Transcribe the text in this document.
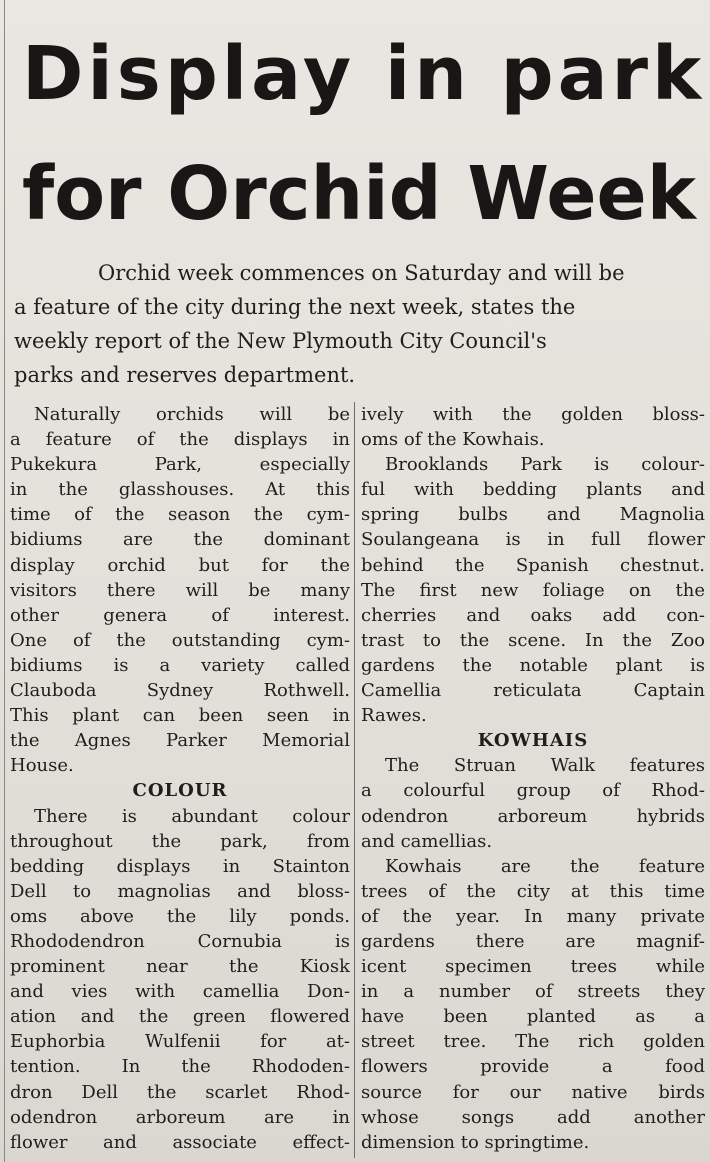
Display in park
for Orchid Week
Orchid week commences on Saturday and will be
a feature of the city during the next week, states the
weekly report of the New Plymouth City Council's
parks and reserves department.
Naturally orchids will be
a feature of the displays in
Pukekura Park, especially
in the glasshouses. At this
time of the season the cym-
bidiums are the dominant
display orchid but for the
visitors there will be many
other genera of interest.
One of the outstanding cym-
bidiums is a variety called
Clauboda Sydney Rothwell.
This plant can been seen in
the Agnes Parker Memorial
House.
COLOUR
There is abundant colour
throughout the park, from
bedding displays in Stainton
Dell to magnolias and bloss-
oms above the lily ponds.
Rhododendron Cornubia is
prominent near the Kiosk
and vies with camellia Don-
ation and the green flowered
Euphorbia Wulfenii for at-
tention. In the Rhododen-
dron Dell the scarlet Rhod-
odendron arboreum are in
flower and associate effect-
ively with the golden bloss-
oms of the Kowhais.
Brooklands Park is colour-
ful with bedding plants and
spring bulbs and Magnolia
Soulangeana is in full flower
behind the Spanish chestnut.
The first new foliage on the
cherries and oaks add con-
trast to the scene. In the Zoo
gardens the notable plant is
Camellia reticulata Captain
Rawes.
KOWHAIS
The Struan Walk features
a colourful group of Rhod-
odendron arboreum hybrids
and camellias.
Kowhais are the feature
trees of the city at this time
of the year. In many private
gardens there are magnif-
icent specimen trees while
in a number of streets they
have been planted as a
street tree. The rich golden
flowers provide a food
source for our native birds
whose songs add another
dimension to springtime.
